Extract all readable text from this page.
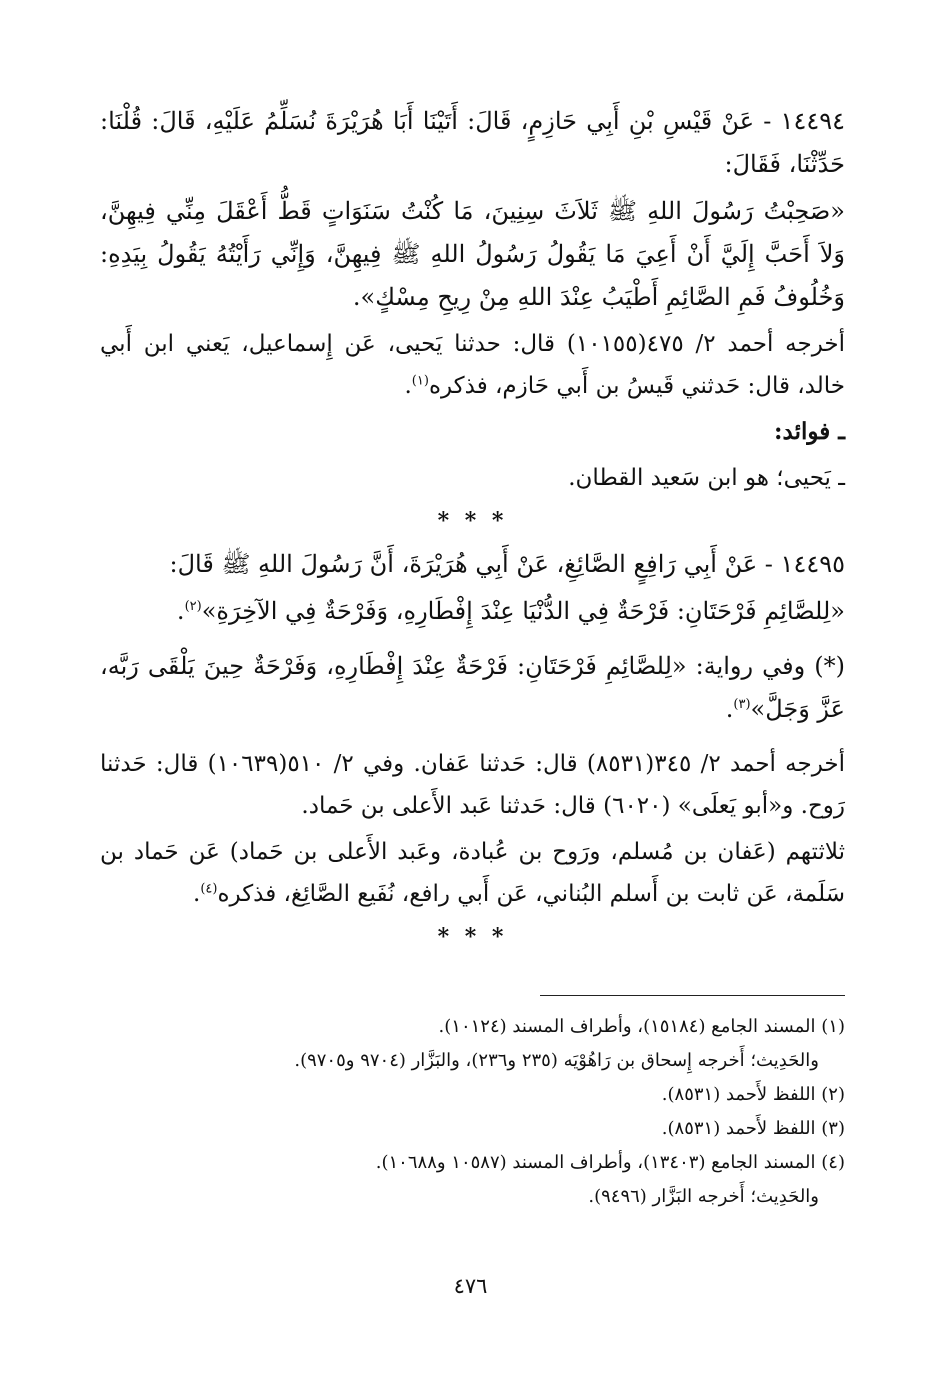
١٤٤٩٤ - عَنْ قَيْسِ بْنِ أَبِي حَازِمٍ، قَالَ: أَتَيْنَا أَبَا هُرَيْرَةَ نُسَلِّمُ عَلَيْهِ، قَالَ: قُلْنَا: حَدِّثْنَا، فَقَالَ:

«صَحِبْتُ رَسُولَ اللهِ ﷺ ثَلاَثَ سِنِينَ، مَا كُنْتُ سَنَوَاتٍ قَطُّ أَعْقَلَ مِنِّي فِيهِنَّ، وَلاَ أَحَبَّ إِلَيَّ أَنْ أَعِيَ مَا يَقُولُ رَسُولُ اللهِ ﷺ فِيهِنَّ، وَإِنِّي رَأَيْتُهُ يَقُولُ بِيَدِهِ: وَخُلُوفُ فَمِ الصَّائِمِ أَطْيَبُ عِنْدَ اللهِ مِنْ رِيحِ مِسْكٍ».

أخرجه أحمد ٢/ ٤٧٥(١٠١٥٥) قال: حدثنا يَحيى، عَن إِسماعيل، يَعني ابن أَبي خالد، قال: حَدثني قَيسُ بن أَبي حَازم، فذكره$^{(١)}$.

ـ فوائد:

ـ يَحيى؛ هو ابن سَعيد القطان.

* * *

١٤٤٩٥ - عَنْ أَبِي رَافِعٍ الصَّائِغِ، عَنْ أَبِي هُرَيْرَةَ، أَنَّ رَسُولَ اللهِ ﷺ قَالَ:

«لِلصَّائِمِ فَرْحَتَانِ: فَرْحَةٌ فِي الدُّنْيَا عِنْدَ إِفْطَارِهِ، وَفَرْحَةٌ فِي الآخِرَةِ»$^{(٢)}$.

(*) وفي رواية: «لِلصَّائِمِ فَرْحَتَانِ: فَرْحَةٌ عِنْدَ إِفْطَارِهِ، وَفَرْحَةٌ حِينَ يَلْقَى رَبَّه، عَزَّ وَجَلَّ»$^{(٣)}$.

أخرجه أحمد ٢/ ٣٤٥(٨٥٣١) قال: حَدثنا عَفان. وفي ٢/ ٥١٠(١٠٦٣٩) قال: حَدثنا رَوح. و«أبو يَعلَى» (٦٠٢٠) قال: حَدثنا عَبد الأَعلى بن حَماد.

ثلاثتهم (عَفان بن مُسلم، ورَوح بن عُبادة، وعَبد الأَعلى بن حَماد) عَن حَماد بن سَلَمة، عَن ثابت بن أَسلم البُناني، عَن أَبي رافع، نُفَيع الصَّائِغ، فذكره$^{(٤)}$.

* * *

(١) المسند الجامع (١٥١٨٤)، وأطراف المسند (١٠١٢٤).

والحَدِيث؛ أَخرجه إِسحاق بن رَاهُوْيَه (٢٣٥ و٢٣٦)، والبَزَّار (٩٧٠٤ و٩٧٠٥).

(٢) اللفظ لأَحمد (٨٥٣١).

(٣) اللفظ لأَحمد (٨٥٣١).

(٤) المسند الجامع (١٣٤٠٣)، وأطراف المسند (١٠٥٨٧ و١٠٦٨٨).

والحَدِيث؛ أَخرجه البَزَّار (٩٤٩٦).

٤٧٦
